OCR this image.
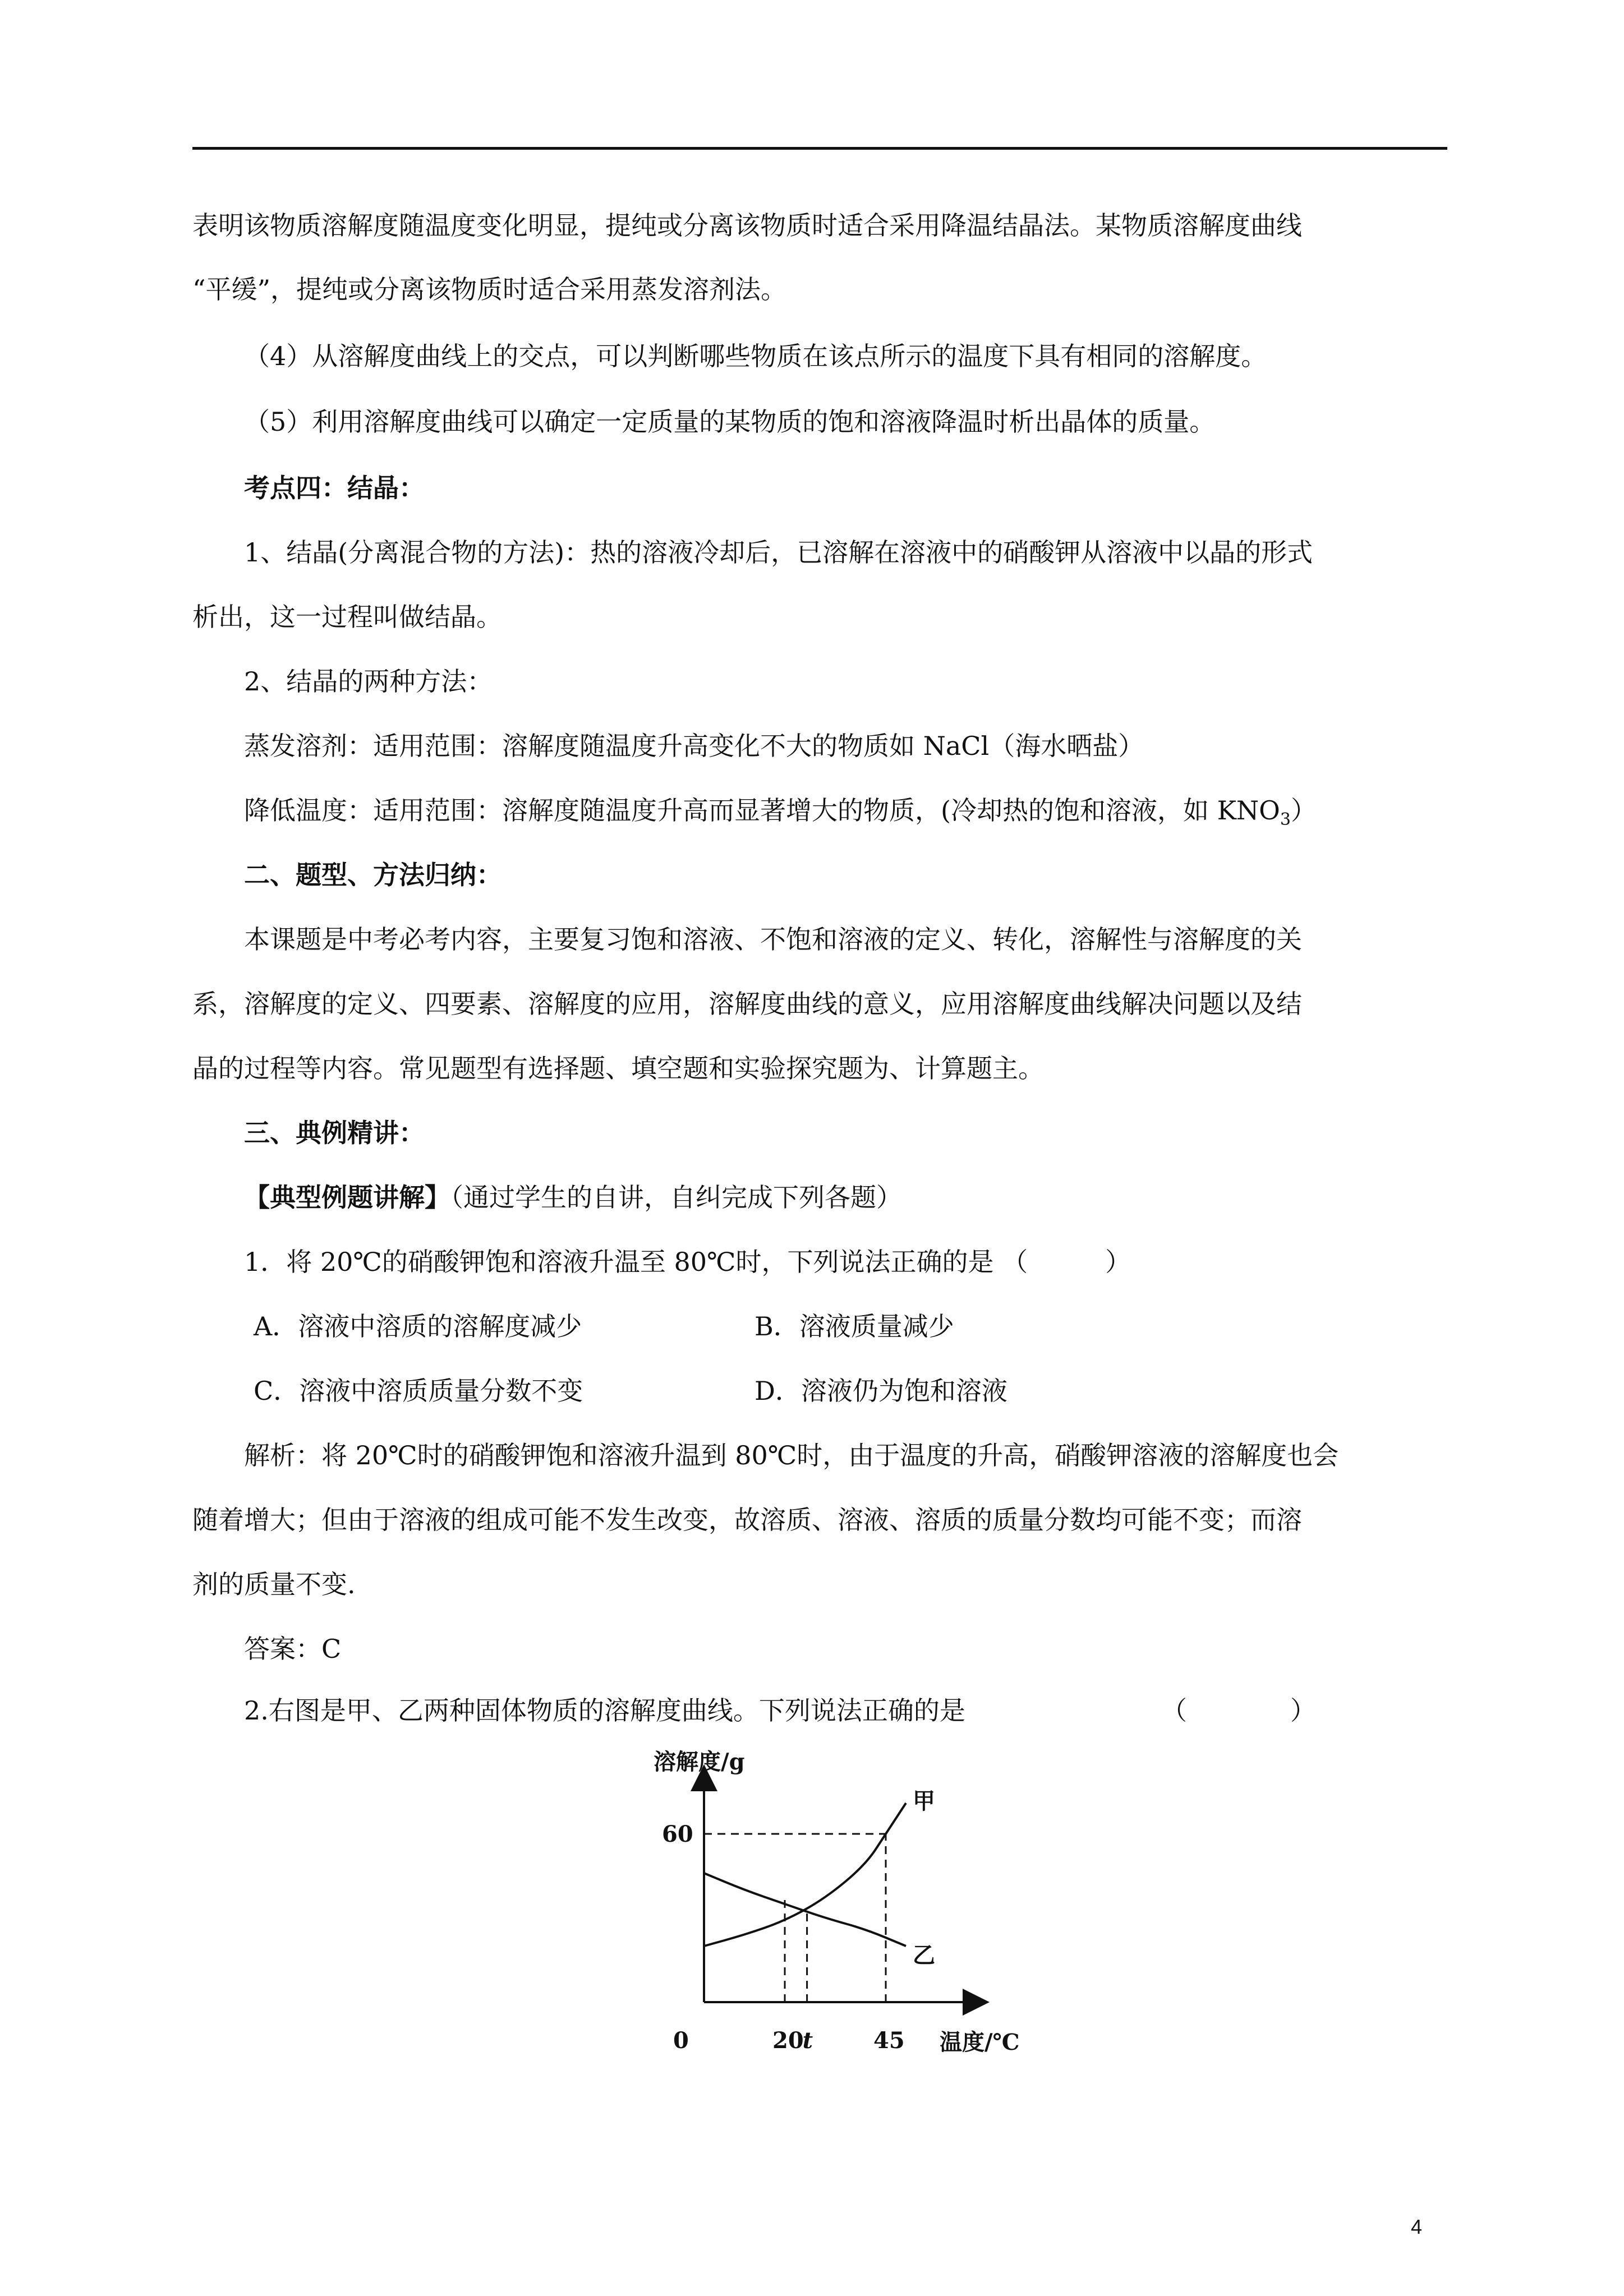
表明该物质溶解度随温度变化明显，提纯或分离该物质时适合采用降温结晶法。某物质溶解度曲线
“平缓”，提纯或分离该物质时适合采用蒸发溶剂法。
（4）从溶解度曲线上的交点，可以判断哪些物质在该点所示的温度下具有相同的溶解度。
（5）利用溶解度曲线可以确定一定质量的某物质的饱和溶液降温时析出晶体的质量。
考点四：结晶：
1、结晶(分离混合物的方法)：热的溶液冷却后，已溶解在溶液中的硝酸钾从溶液中以晶的形式
析出，这一过程叫做结晶。
2、结晶的两种方法：
蒸发溶剂：适用范围：溶解度随温度升高变化不大的物质如 NaCl（海水晒盐）
降低温度：适用范围：溶解度随温度升高而显著增大的物质，(冷却热的饱和溶液，如 $KNO_3$）
二、题型、方法归纳：
本课题是中考必考内容，主要复习饱和溶液、不饱和溶液的定义、转化，溶解性与溶解度的关
系，溶解度的定义、四要素、溶解度的应用，溶解度曲线的意义，应用溶解度曲线解决问题以及结
晶的过程等内容。常见题型有选择题、填空题和实验探究题为、计算题主。
三、典例精讲：
【典型例题讲解】（通过学生的自讲，自纠完成下列各题）
1．将 20℃的硝酸钾饱和溶液升温至 80℃时，下列说法正确的是 （　　　）
A．溶液中溶质的溶解度减少	B．溶液质量减少
C．溶液中溶质质量分数不变	D．溶液仍为饱和溶液
解析：将 20℃时的硝酸钾饱和溶液升温到 80℃时，由于温度的升高，硝酸钾溶液的溶解度也会
随着增大；但由于溶液的组成可能不发生改变，故溶质、溶液、溶质的质量分数均可能不变；而溶
剂的质量不变.
答案：C
2.右图是甲、乙两种固体物质的溶解度曲线。下列说法正确的是	（　　　　）
溶解度/g
温度/℃
0
甲
乙
20
t	45
60
4
